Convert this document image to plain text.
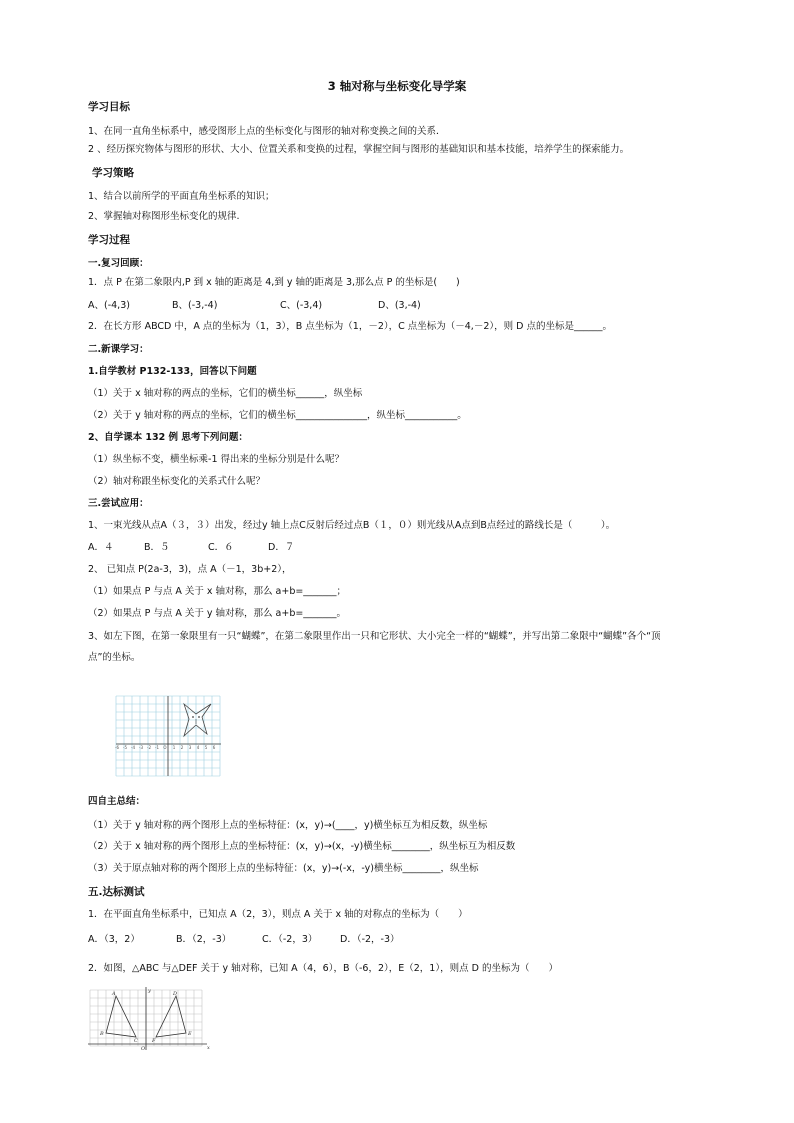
3 轴对称与坐标变化导学案
学习目标
1、在同一直角坐标系中，感受图形上点的坐标变化与图形的轴对称变换之间的关系．
2 、经历探究物体与图形的形状、大小、位置关系和变换的过程，掌握空间与图形的基础知识和基本技能，培养学生的探索能力。
学习策略
1、结合以前所学的平面直角坐标系的知识；
2、掌握轴对称图形坐标变化的规律.
学习过程
一.复习回顾：
1．点 P 在第二象限内,P 到 x 轴的距离是 4,到 y 轴的距离是 3,那么点 P 的坐标是(　　)
A、(-4,3)	B、(-3,-4)	C、(-3,4)	D、(3,-4)
2．在长方形 ABCD 中，A 点的坐标为（1，3），B 点坐标为（1，－2），C 点坐标为（－4,－2），则 D 点的坐标是______。
二.新课学习：
1.自学教材 P132-133，回答以下问题
（1）关于 x 轴对称的两点的坐标，它们的横坐标______，纵坐标
（2）关于 y 轴对称的两点的坐标，它们的横坐标_______________，纵坐标___________。
2、自学课本 132 例 思考下列问题：
（1）纵坐标不变，横坐标乘-1 得出来的坐标分别是什么呢？
（2）轴对称跟坐标变化的关系式什么呢？
三.尝试应用：
1、一束光线从点A（３，３）出发，经过y 轴上点C反射后经过点B（１，０）则光线从A点到B点经过的路线长是（　　　）。
A．４	B．５	C．６	D．７
2、 已知点 P(2a-3，3)，点 A（－1，3b+2），
（1）如果点 P 与点 A 关于 x 轴对称，那么 a+b=_______；
（2）如果点 P 与点 A 关于 y 轴对称，那么 a+b=_______。
3、如左下图，在第一象限里有一只“蝴蝶”，在第二象限里作出一只和它形状、大小完全一样的“蝴蝶”，并写出第二象限中“蝴蝶”各个“顶
点”的坐标。
-6 -5 -4 -3 -2 -1 O 1 2 3 4 5 6
四自主总结：
（1）关于 y 轴对称的两个图形上点的坐标特征：(x，y)→(____，y)横坐标互为相反数，纵坐标
（2）关于 x 轴对称的两个图形上点的坐标特征：(x，y)→(x，-y)横坐标________，纵坐标互为相反数
（3）关于原点轴对称的两个图形上点的坐标特征：(x，y)→(-x，-y)横坐标________，纵坐标
五.达标测试
1．在平面直角坐标系中，已知点 A（2，3），则点 A 关于 x 轴的对称点的坐标为（　　）
A．（3，2）	B．（2，-3）	C．（-2，3） D．（-2，-3）
2．如图，△ABC 与△DEF 关于 y 轴对称，已知 A（4，6），B（-6，2），E（2，1），则点 D 的坐标为（　　）
A
B
C
D
E
F
O	x
y
